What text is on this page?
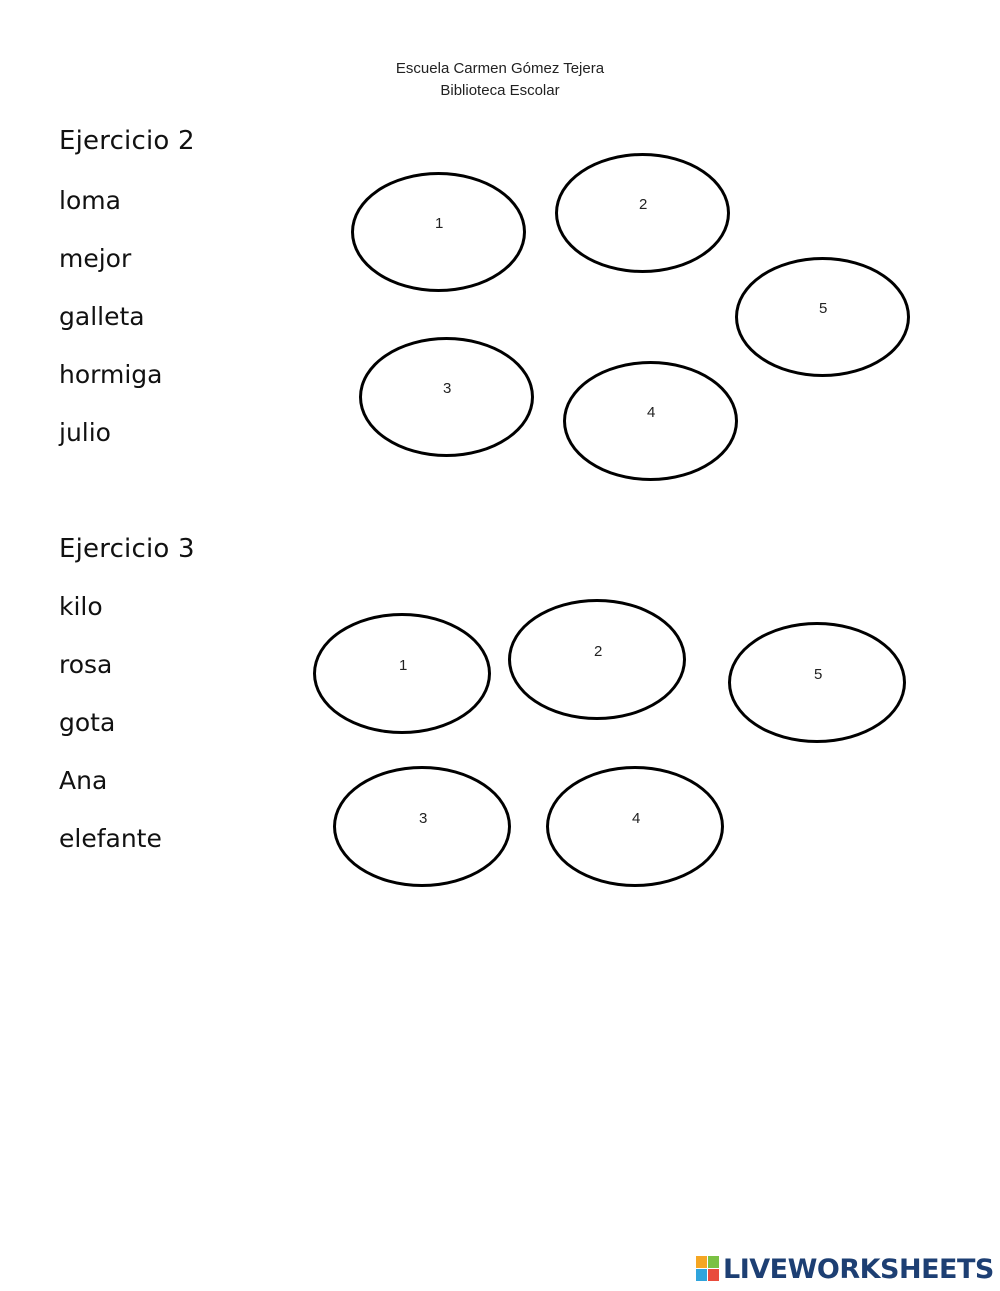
Escuela Carmen Gómez Tejera
Biblioteca Escolar
Ejercicio 2
loma
mejor
galleta
hormiga
julio
1
2
5
3
4
Ejercicio 3
kilo
rosa
gota
Ana
elefante
1
2
5
3	4
LIVEWORKSHEETS
